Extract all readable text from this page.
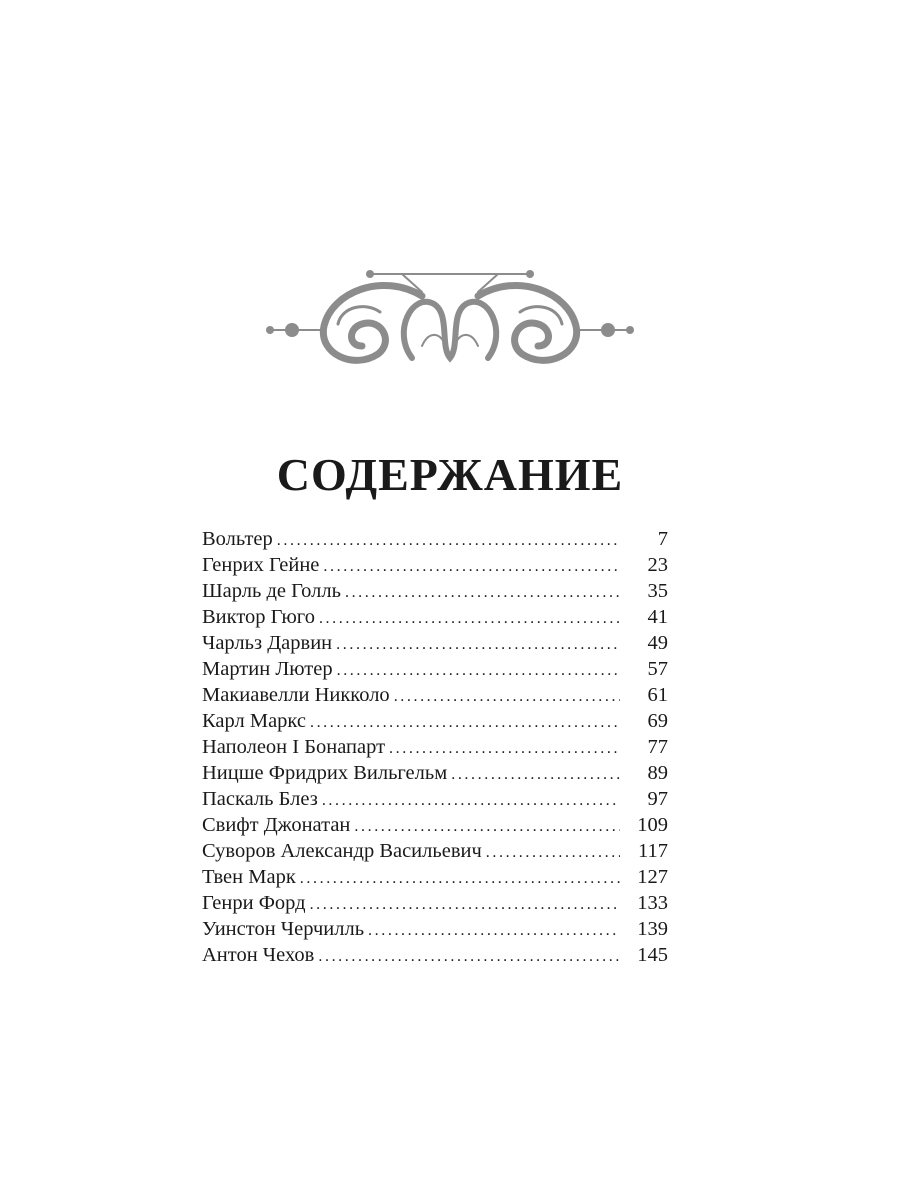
СОДЕРЖАНИЕ
Вольтер .....	7
Генрих Гейне .....	23
Шарль де Голль .....	35
Виктор Гюго .....	41
Чарльз Дарвин .....	49
Мартин Лютер .....	57
Макиавелли Никколо .....	61
Карл Маркс .....	69
Наполеон I Бонапарт .....	77
Ницше Фридрих Вильгельм .....	89
Паскаль Блез .....	97
Свифт Джонатан .....	109
Суворов Александр Васильевич .....	117
Твен Марк .....	127
Генри Форд .....	133
Уинстон Черчилль .....	139
Антон Чехов .....	145
